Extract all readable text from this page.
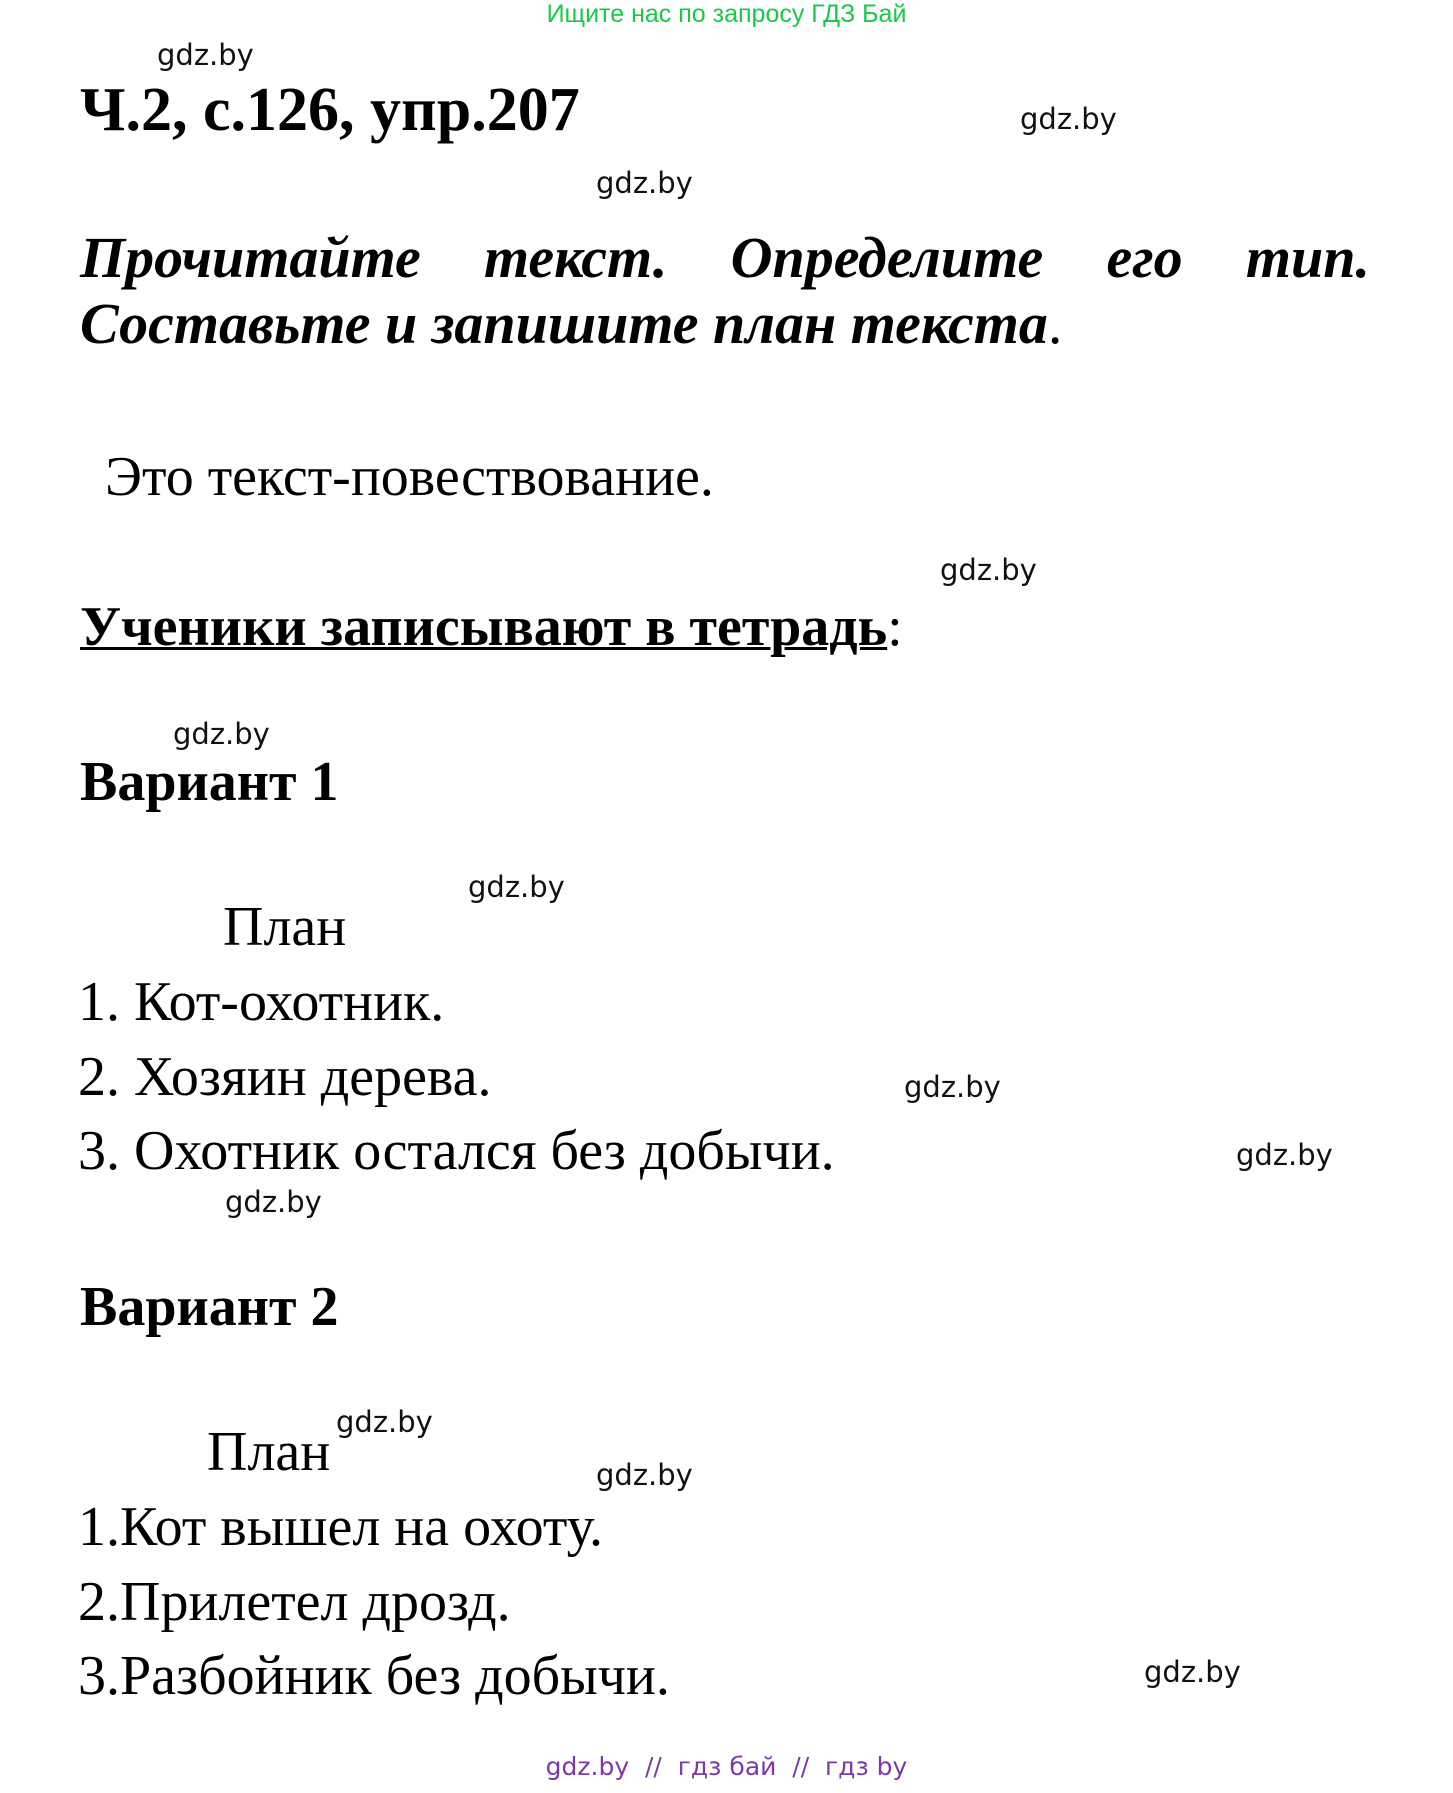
Ищите нас по запросу ГДЗ Бай
Ч.2, с.126, упр.207
Прочитайте текст. Определите его тип. Составьте и запишите план текста.
Это текст-повествование.
Ученики записывают в тетрадь:
Вариант 1
План
1. Кот-охотник.
2. Хозяин дерева.
3. Охотник остался без добычи.
Вариант 2
План
1.Кот вышел на охоту.
2.Прилетел дрозд.
3.Разбойник без добычи.
gdz.by
gdz.by
gdz.by
gdz.by
gdz.by
gdz.by
gdz.by
gdz.by
gdz.by
gdz.by
gdz.by
gdz.by
gdz.by  //  гдз бай  //  гдз by
